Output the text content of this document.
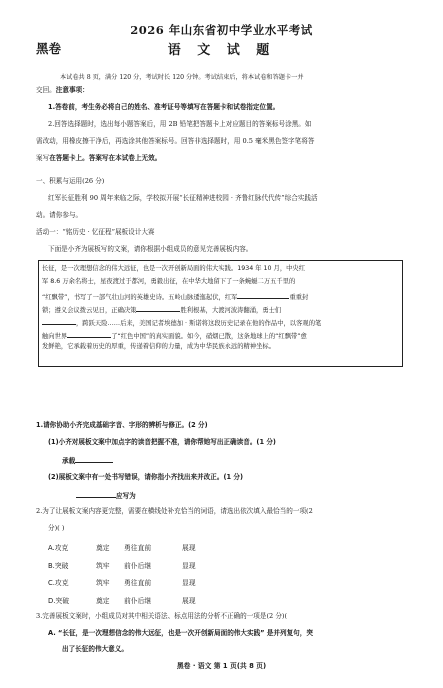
2026 年山东省初中学业水平考试
黑卷	语 文 试 题
本试卷共 8 页，满分 120 分，考试时长 120 分钟。考试结束后，将本试卷和答题卡一并
交回。注意事项：
1.答卷前，考生务必将自己的姓名、准考证号等填写在答题卡和试卷指定位置。
2.回答选择题时，选出每小题答案后，用 2B 铅笔把答题卡上对应题目的答案标号涂黑。如
需改动，用橡皮擦干净后，再选涂其他答案标号。回答非选择题时，用 0.5 毫米黑色签字笔将答
案写在答题卡上。答案写在本试卷上无效。
一、积累与运用(26 分)
红军长征胜利 90 周年来临之际，学校拟开展“长征精神进校园 · 齐鲁红脉代代传”综合实践活
动。请你参与。
活动一：“铭历史 · 忆征程”展板设计大赛
下面是小齐为展板写的文案，请你根据小组成员的意见完善展板内容。
长征，是一次理想信念的伟大远征，也是一次开创新局面的伟大实践。1934 年 10 月，中央红
军 8.6 万余名将士，星夜渡过于都河，勇毅出征，在中华大地留下了一条蜿蜒二万五千里的
“红飘带”，书写了一部气壮山河的英雄史诗。五岭山脉逶迤起伏，红军	重重封
锁；遵义会议拨云见日，正确决策	胜利根基，大渡河波涛翻涌，勇士们
，跨跃天险……后来，美国记者埃德加 · 斯诺将这段历史记录在他的作品中，以客观的笔
触向世界	了“红色中国”的真实面貌。如今，硝烟已散，这条地球上的“红飘带”愈
发鲜艳，它承载着历史的厚重，传递着信仰的力量，成为中华民族永远的精神坐标。
1.请你协助小齐完成基础字音、字形的辨析与修正。(2 分)
(1)小齐对展板文案中加点字的读音把握不准，请你帮她写出正确读音。(1 分)
承载
(2)展板文案中有一处书写错误，请你指小齐找出来并改正。(1 分)
应写为
2.为了让展板文案内容更完整，需要在横线处补充恰当的词语，请选出依次填入最恰当的一项(2
分)( )
A.攻克	奠定 勇往直前	展现
B.突破	筑牢 前仆后继	显现
C.攻克	筑牢 勇往直前	显现
D.突破	奠定 前仆后继	展现
3.完善展板文案时，小组成员对其中相关语法、标点用法的分析不正确的一项是(2 分)(
A. “长征，是一次理想信念的伟大远征，也是一次开创新局面的伟大实践” 是并列复句，突
出了长征的伟大意义。
黑卷 · 语文 第 1 页(共 8 页)
